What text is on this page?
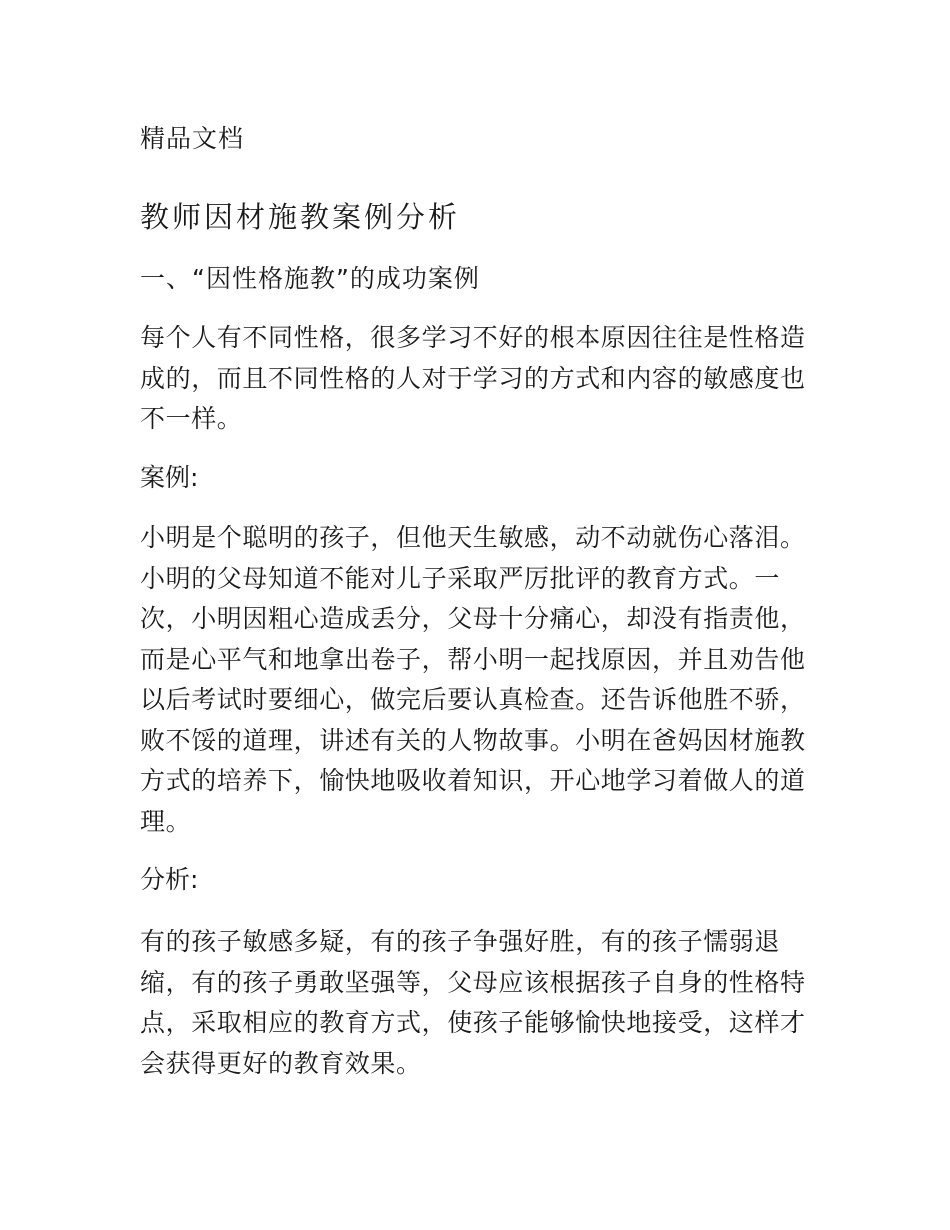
精品文档
教师因材施教案例分析
一、“因性格施教”的成功案例

每个人有不同性格，很多学习不好的根本原因往往是性格造成的，而且不同性格的人对于学习的方式和内容的敏感度也不一样。

案例:

小明是个聪明的孩子，但他天生敏感，动不动就伤心落泪。小明的父母知道不能对儿子采取严厉批评的教育方式。一次，小明因粗心造成丢分，父母十分痛心，却没有指责他，而是心平气和地拿出卷子，帮小明一起找原因，并且劝告他以后考试时要细心，做完后要认真检查。还告诉他胜不骄，败不馁的道理，讲述有关的人物故事。小明在爸妈因材施教方式的培养下，愉快地吸收着知识，开心地学习着做人的道理。

分析:

有的孩子敏感多疑，有的孩子争强好胜，有的孩子懦弱退缩，有的孩子勇敢坚强等，父母应该根据孩子自身的性格特点，采取相应的教育方式，使孩子能够愉快地接受，这样才会获得更好的教育效果。
